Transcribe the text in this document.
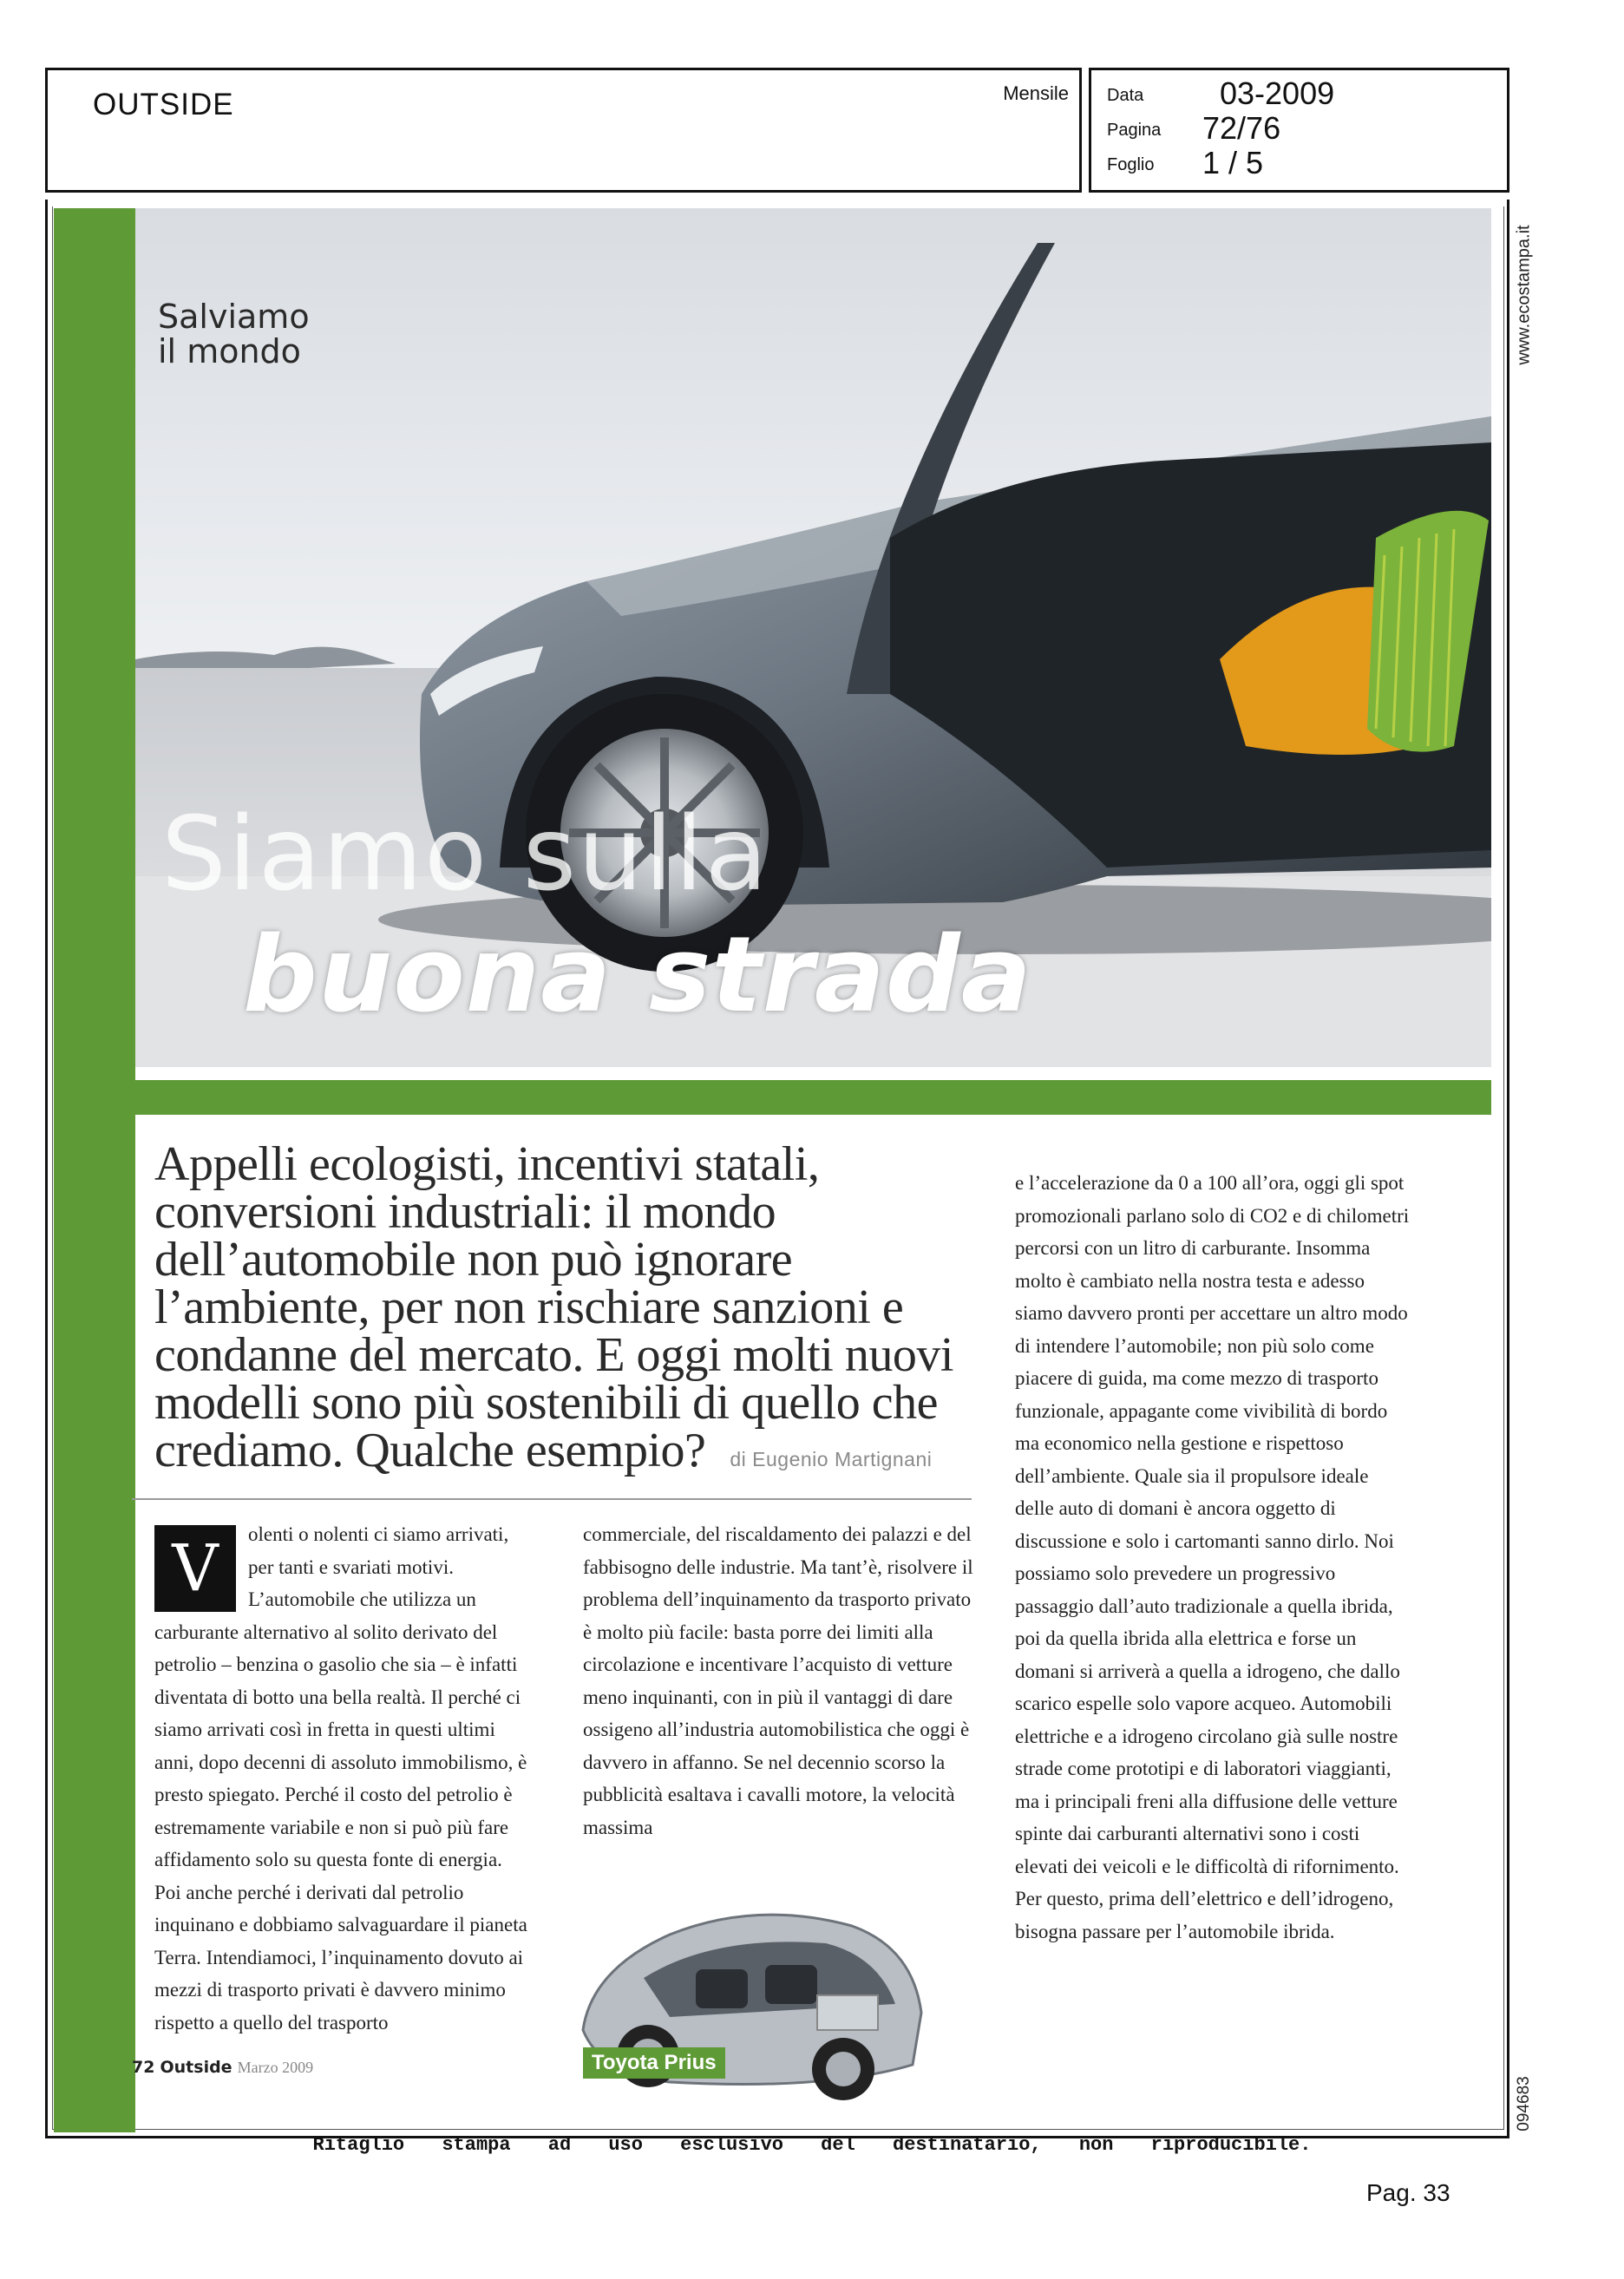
OUTSIDE	Mensile Data 03-2009
Pagina 72/76
Foglio 1 / 5
www.ecostampa.it
094683
Salviamo
il mondo
Siamo sulla
buona strada
Appelli ecologisti, incentivi statali, conversioni industriali: il mondo dell’automobile non può ignorare l’ambiente, per non rischiare sanzioni e condanne del mercato. E oggi molti nuovi modelli sono più sostenibili di quello che crediamo. Qualche esempio? di Eugenio Martignani
V	olenti o nolenti ci siamo arrivati, per tanti e svariati motivi. L’automobile che utilizza un carburante alternativo al solito derivato del petrolio – benzina o gasolio che sia – è infatti diventata di botto una bella realtà. Il perché ci siamo arrivati così in fretta in questi ultimi anni, dopo decenni di assoluto immobilismo, è presto spiegato. Perché il costo del petrolio è estremamente variabile e non si può più fare affidamento solo su questa fonte di energia. Poi anche perché i derivati dal petrolio inquinano e dobbiamo salvaguardare il pianeta Terra. Intendiamoci, l’inquinamento dovuto ai mezzi di trasporto privati è davvero minimo rispetto a quello del trasporto
commerciale, del riscaldamento dei palazzi e del fabbisogno delle industrie. Ma tant’è, risolvere il problema dell’inquinamento da trasporto privato è molto più facile: basta porre dei limiti alla circolazione e incentivare l’acquisto di vetture meno inquinanti, con in più il vantaggi di dare ossigeno all’industria automobilistica che oggi è davvero in affanno. Se nel decennio scorso la pubblicità esaltava i cavalli motore, la velocità massima
e l’accelerazione da 0 a 100 all’ora, oggi gli spot promozionali parlano solo di CO2 e di chilometri percorsi con un litro di carburante. Insomma molto è cambiato nella nostra testa e adesso siamo davvero pronti per accettare un altro modo di intendere l’automobile; non più solo come piacere di guida, ma come mezzo di trasporto funzionale, appagante come vivibilità di bordo ma economico nella gestione e rispettoso dell’ambiente. Quale sia il propulsore ideale delle auto di domani è ancora oggetto di discussione e solo i cartomanti sanno dirlo. Noi possiamo solo prevedere un progressivo passaggio dall’auto tradizionale a quella ibrida, poi da quella ibrida alla elettrica e forse un domani si arriverà a quella a idrogeno, che dallo scarico espelle solo vapore acqueo. Automobili elettriche e a idrogeno circolano già sulle nostre strade come prototipi e di laboratori viaggianti, ma i principali freni alla diffusione delle vetture spinte dai carburanti alternativi sono i costi elevati dei veicoli e le difficoltà di rifornimento. Per questo, prima dell’elettrico e dell’idrogeno, bisogna passare per l’automobile ibrida.
Toyota Prius
72 Outside Marzo 2009
Ritaglio stampa ad uso esclusivo del destinatario, non riproducibile.
Pag. 33
